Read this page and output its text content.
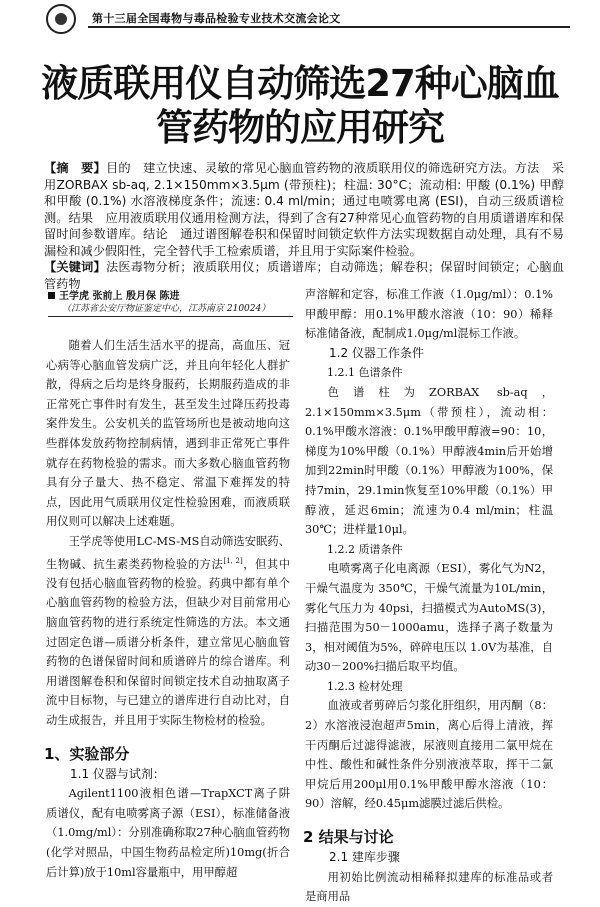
第十三届全国毒物与毒品检验专业技术交流会论文
液质联用仪自动筛选27种心脑血
管药物的应用研究

【摘　要】目的　建立快速、灵敏的常见心脑血管药物的液质联用仪的筛选研究方法。方法　采用ZORBAX sb-aq, 2.1×150mm×3.5μm (带预柱)；柱温: 30°C；流动相: 甲酸 (0.1%) 甲醇和甲酸 (0.1%) 水溶液梯度条件；流速: 0.4 ml/min；通过电喷雾电离 (ESI)，自动三级质谱检测。结果　应用液质联用仪通用检测方法，得到了含有27种常见心血管药物的自用质谱谱库和保留时间参数谱库。结论　通过谱图解卷积和保留时间锁定软件方法实现数据自动处理，具有不易漏检和减少假阳性，完全替代手工检索质谱，并且用于实际案件检验。

【关键词】法医毒物分析；液质联用仪；质谱谱库；自动筛选；解卷积；保留时间锁定；心脑血管药物

王学虎 张前上 殷月保 陈进
（江苏省公安厅物证鉴定中心，江苏南京 210024）

随着人们生活生活水平的提高，高血压、冠心病等心脑血管发病广泛，并且向年轻化人群扩散，得病之后均是终身服药，长期服药造成的非正常死亡事件时有发生，甚至发生过降压药投毒案件发生。公安机关的监管场所也是被动地向这些群体发放药物控制病情，遇到非正常死亡事件就存在药物检验的需求。而大多数心脑血管药物具有分子量大、热不稳定、常温下难挥发的特点，因此用气质联用仪定性检验困难，而液质联用仪则可以解决上述难题。

王学虎等使用LC-MS-MS自动筛选安眠药、生物碱、抗生素类药物检验的方法[1, 2]，但其中没有包括心脑血管药物的检验。药典中都有单个心脑血管药物的检验方法，但缺少对目前常用心脑血管药物的进行系统定性筛选的方法。本文通过固定色谱—质谱分析条件，建立常见心脑血管药物的色谱保留时间和质谱碎片的综合谱库。利用谱图解卷积和保留时间锁定技术自动抽取离子流中目标物，与已建立的谱库进行自动比对，自动生成报告，并且用于实际生物检材的检验。

1、实验部分
1.1 仪器与试剂：

Agilent1100液相色谱—TrapXCT离子阱质谱仪，配有电喷雾离子源（ESI），标准储备液（1.0mg/ml）：分别准确称取27种心脑血管药物(化学对照品，中国生物药品检定所)10mg(折合后计算)放于10ml容量瓶中，用甲醇超

声溶解和定容，标准工作液（1.0μg/ml）：0.1%甲酸甲醇：用0.1%甲酸水溶液（10：90）稀释标准储备液，配制成1.0μg/ml混标工作液。

1.2 仪器工作条件
1.2.1 色谱条件

色谱柱为ZORBAX sb-aq，2.1×150mm×3.5μm（带预柱），流动相：0.1%甲酸水溶液：0.1%甲酸甲醇液=90：10，梯度为10%甲酸（0.1%）甲醇液4min后开始增加到22min时甲酸（0.1%）甲醇液为100%，保持7min，29.1min恢复至10%甲酸（0.1%）甲醇液，延迟6min；流速为0.4 ml/min；柱温30℃；进样量10μl。

1.2.2 质谱条件

电喷雾离子化电离源（ESI），雾化气为N2，干燥气温度为 350℃，干燥气流量为10L/min，雾化气压力为 40psi，扫描模式为AutoMS(3)，扫描范围为50－1000amu，选择子离子数量为3，相对阈值为5%，碎碎电压以 1.0V为基准，自动30－200%扫描后取平均值。

1.2.3 检材处理

血液或者剪碎后匀浆化肝组织，用丙酮（8：2）水溶液浸泡超声5min，离心后得上清液，挥干丙酮后过滤得滤液，尿液则直接用二氯甲烷在中性、酸性和碱性条件分别液液萃取，挥干二氯甲烷后用200μl用0.1%甲酸甲醇水溶液（10：90）溶解，经0.45μm滤膜过滤后供检。

2 结果与讨论
2.1 建库步骤

用初始比例流动相稀释拟建库的标准品或者是商用品
